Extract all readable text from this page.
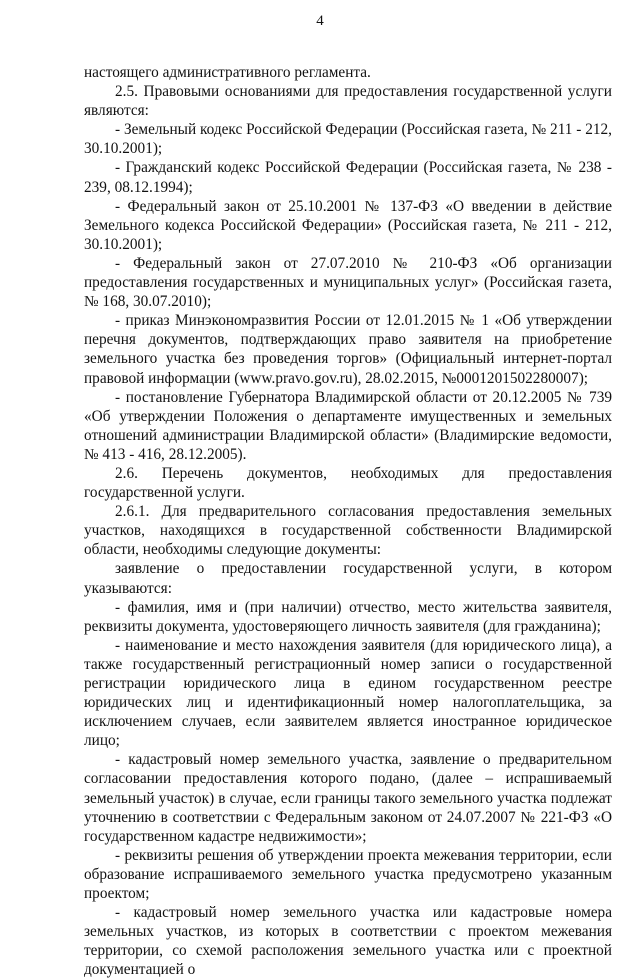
4

настоящего административного регламента.

2.5. Правовыми основаниями для предоставления государственной услуги являются:

- Земельный кодекс Российской Федерации (Российская газета, № 211 - 212, 30.10.2001);

- Гражданский кодекс Российской Федерации (Российская газета, № 238 - 239, 08.12.1994);

- Федеральный закон от 25.10.2001 № 137-ФЗ «О введении в действие Земельного кодекса Российской Федерации» (Российская газета, № 211 - 212, 30.10.2001);

- Федеральный закон от 27.07.2010 № 210-ФЗ «Об организации предоставления государственных и муниципальных услуг» (Российская газета, № 168, 30.07.2010);

- приказ Минэкономразвития России от 12.01.2015 № 1 «Об утверждении перечня документов, подтверждающих право заявителя на приобретение земельного участка без проведения торгов» (Официальный интернет-портал правовой информации (www.pravo.gov.ru), 28.02.2015, №0001201502280007);

- постановление Губернатора Владимирской области от 20.12.2005 № 739 «Об утверждении Положения о департаменте имущественных и земельных отношений администрации Владимирской области» (Владимирские ведомости, № 413 - 416, 28.12.2005).

2.6. Перечень документов, необходимых для предоставления государственной услуги.

2.6.1. Для предварительного согласования предоставления земельных участков, находящихся в государственной собственности Владимирской области, необходимы следующие документы:

заявление о предоставлении государственной услуги, в котором указываются:

- фамилия, имя и (при наличии) отчество, место жительства заявителя, реквизиты документа, удостоверяющего личность заявителя (для гражданина);

- наименование и место нахождения заявителя (для юридического лица), а также государственный регистрационный номер записи о государственной регистрации юридического лица в едином государственном реестре юридических лиц и идентификационный номер налогоплательщика, за исключением случаев, если заявителем является иностранное юридическое лицо;

- кадастровый номер земельного участка, заявление о предварительном согласовании предоставления которого подано, (далее – испрашиваемый земельный участок) в случае, если границы такого земельного участка подлежат уточнению в соответствии с Федеральным законом от 24.07.2007 № 221-ФЗ «О государственном кадастре недвижимости»;

- реквизиты решения об утверждении проекта межевания территории, если образование испрашиваемого земельного участка предусмотрено указанным проектом;

- кадастровый номер земельного участка или кадастровые номера земельных участков, из которых в соответствии с проектом межевания территории, со схемой расположения земельного участка или с проектной документацией о
